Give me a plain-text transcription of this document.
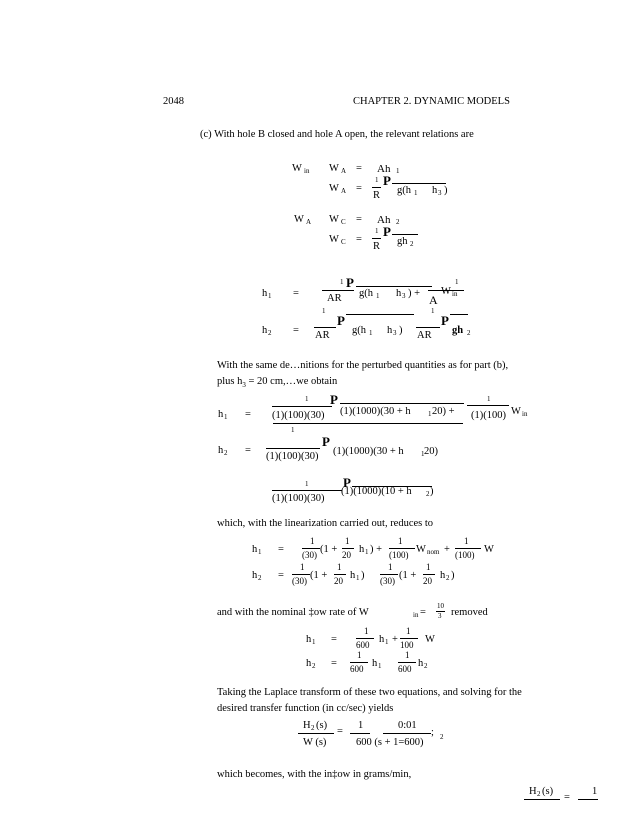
2048	CHAPTER 2. DYNAMIC MODELS
(c) With hole B closed and hole A open, the relevant relations are
W in W A = Ah 1
W A =
1
R
P
g(h 1 h 3 )
W A W C = Ah 2
W C =
1
R
P
gh 2
h 1 =
1
AR
P
g(h 1 h 3 ) +
1
A
W in
h 2 =
1
AR
P
g(h 1 h 3 )
1
AR
P
gh 2
With the same de…nitions for the perturbed quantities as for part (b), plus $h_3 = 20$ cm,…we obtain
h 1 =
1
(1)(100)(30)
P
(1)(1000)(30 + h 1 20) +
1
(1)(100) W in
h 2 =
1
(1)(100)(30)
P
(1)(1000)(30 + h 1 20)
1
(1)(100)(30)
P
(1)(1000)(10 + h 2 )
which, with the linearization carried out, reduces to
h 1 =
1
(30) (1 +
1
20 h 1 ) +
1
(100) W nom +
1
(100) W
h 2 =
1
(30) (1 +
1
20 h 1 )
1
(30) (1 +
1
20 h 2 )
and with the nominal ‡ow rate of W	in =
10
3 removed
h 1 =
1
600 h 1 +
1
100 W
h 2 =
1
600 h 1
1
600 h 2
Taking the Laplace transform of these two equations, and solving for the desired transfer function (in cc/sec) yields
H 2 (s)
W (s)
=
1
600 (s + 1=600) 2
0:01
;
which becomes, with the in‡ow in grams/min,
H 2 (s)
=
1
